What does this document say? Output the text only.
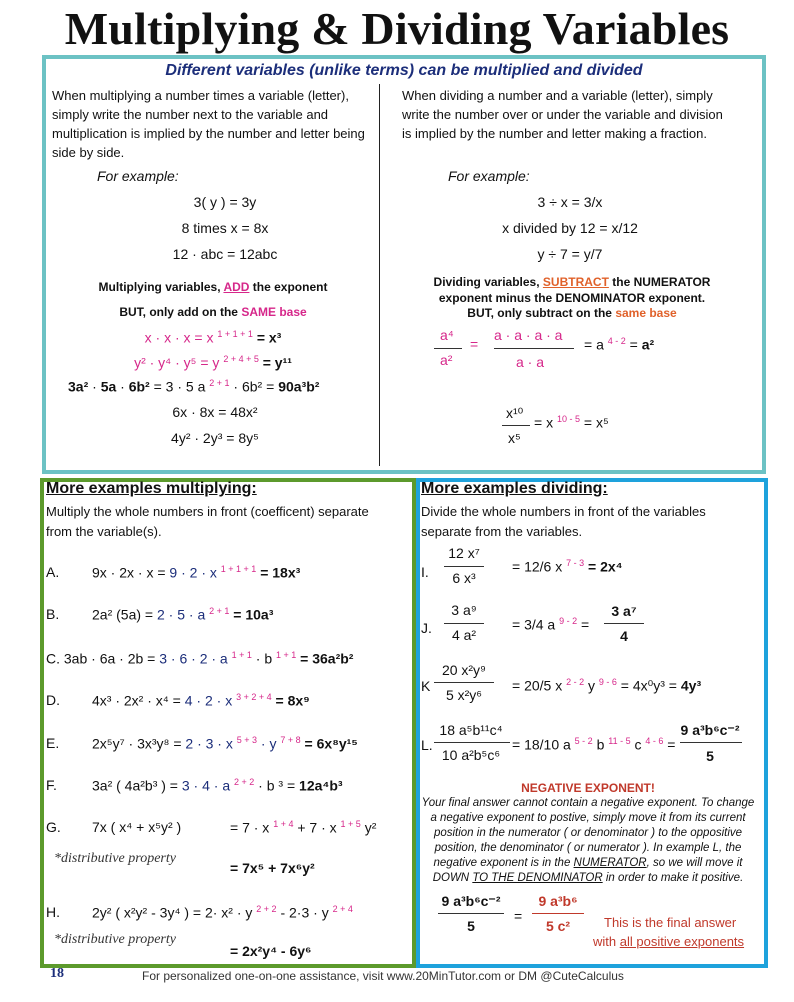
Multiplying & Dividing Variables
Different variables (unlike terms) can be multiplied and divided
When multiplying a number times a variable (letter), simply write the number next to the variable and multiplication is implied by the number and letter being side by side.
For example:
3( y ) = 3y
8 times x = 8x
12 · abc = 12abc
Multiplying variables, ADD the exponent
BUT, only add on the SAME base
x · x · x = x $^{1 + 1 + 1}$ = x³
y² · y⁴ · y⁵ = y $^{2 + 4 + 5}$ = y¹¹
3a² · 5a · 6b² = 3 · 5 a $^{2 + 1}$ · 6b² = 90a³b²
6x · 8x = 48x²
4y² · 2y³ = 8y⁵
When dividing a number and a variable (letter), simply write the number over or under the variable and division is implied by the number and letter making a fraction.
For example:
3 ÷ x = 3/x
x divided by 12 = x/12
y ÷ 7 = y/7
Dividing variables, SUBTRACT the NUMERATOR
exponent minus the DENOMINATOR exponent.
BUT, only subtract on the same base
a⁴
a²
=
a · a · a · a
a · a
= a $^{4 - 2}$ = a²
x¹⁰
x⁵
= x $^{10 - 5}$ = x⁵
More examples multiplying:
Multiply the whole numbers in front (coefficent) separate from the variable(s).
A. 9x · 2x · x = 9 · 2 · x $^{1 + 1 + 1}$ = 18x³
B. 2a² (5a) = 2 · 5 · a $^{2 + 1}$ = 10a³
C. 3ab · 6a · 2b = 3 · 6 · 2 · a $^{1 + 1}$ · b $^{1 + 1}$ = 36a²b²
D. 4x³ · 2x² · x⁴ = 4 · 2 · x $^{3 + 2 + 4}$ = 8x⁹
E. 2x⁵y⁷ · 3x³y⁸ = 2 · 3 · x $^{5 + 3}$ · y $^{7 + 8}$ = 6x⁸y¹⁵
F.	3a² ( 4a²b³ ) = 3 · 4 · a $^{2 + 2}$ · b ³ = 12a⁴b³
G. 7x ( x⁴ + x⁵y² )	= 7 · x $^{1 + 4}$ + 7 · x $^{1 + 5}$ y²
*distributive property
= 7x⁵ + 7x⁶y²
H. 2y² ( x²y² - 3y⁴ ) = 2· x² · y $^{2 + 2}$ - 2·3 · y $^{2 + 4}$
*distributive property
= 2x²y⁴ - 6y⁶
More examples dividing:
Divide the whole numbers in front of the variables separate from the variables.
I.
12 x⁷
6 x³
= 12/6 x $^{7 - 3}$ = 2x⁴
J.
3 a⁹
4 a²
= 3/4 a $^{9 - 2}$ =
3 a⁷
4
K
20 x²y⁹
5 x²y⁶
= 20/5 x $^{2 - 2}$ y $^{9 - 6}$ = 4x⁰y³ = 4y³
L.
18 a⁵b¹¹c⁴
10 a²b⁵c⁶
= 18/10 a $^{5 - 2}$ b $^{11 - 5}$ c $^{4 - 6}$ =
9 a³b⁶c⁻²
5
NEGATIVE EXPONENT!
Your final answer cannot contain a negative exponent. To change a negative exponent to postive, simply move it from its current position in the numerator ( or denominator ) to the oppositive position, the denominator ( or numerator ). In example L, the negative exponent is in the NUMERATOR, so we will move it DOWN TO THE DENOMINATOR in order to make it positive.
9 a³b⁶c⁻²
5
=
9 a³b⁶
5 c²	This is the final answer
with all positive exponents
18	For personalized one-on-one assistance, visit www.20MinTutor.com or DM @CuteCalculus
